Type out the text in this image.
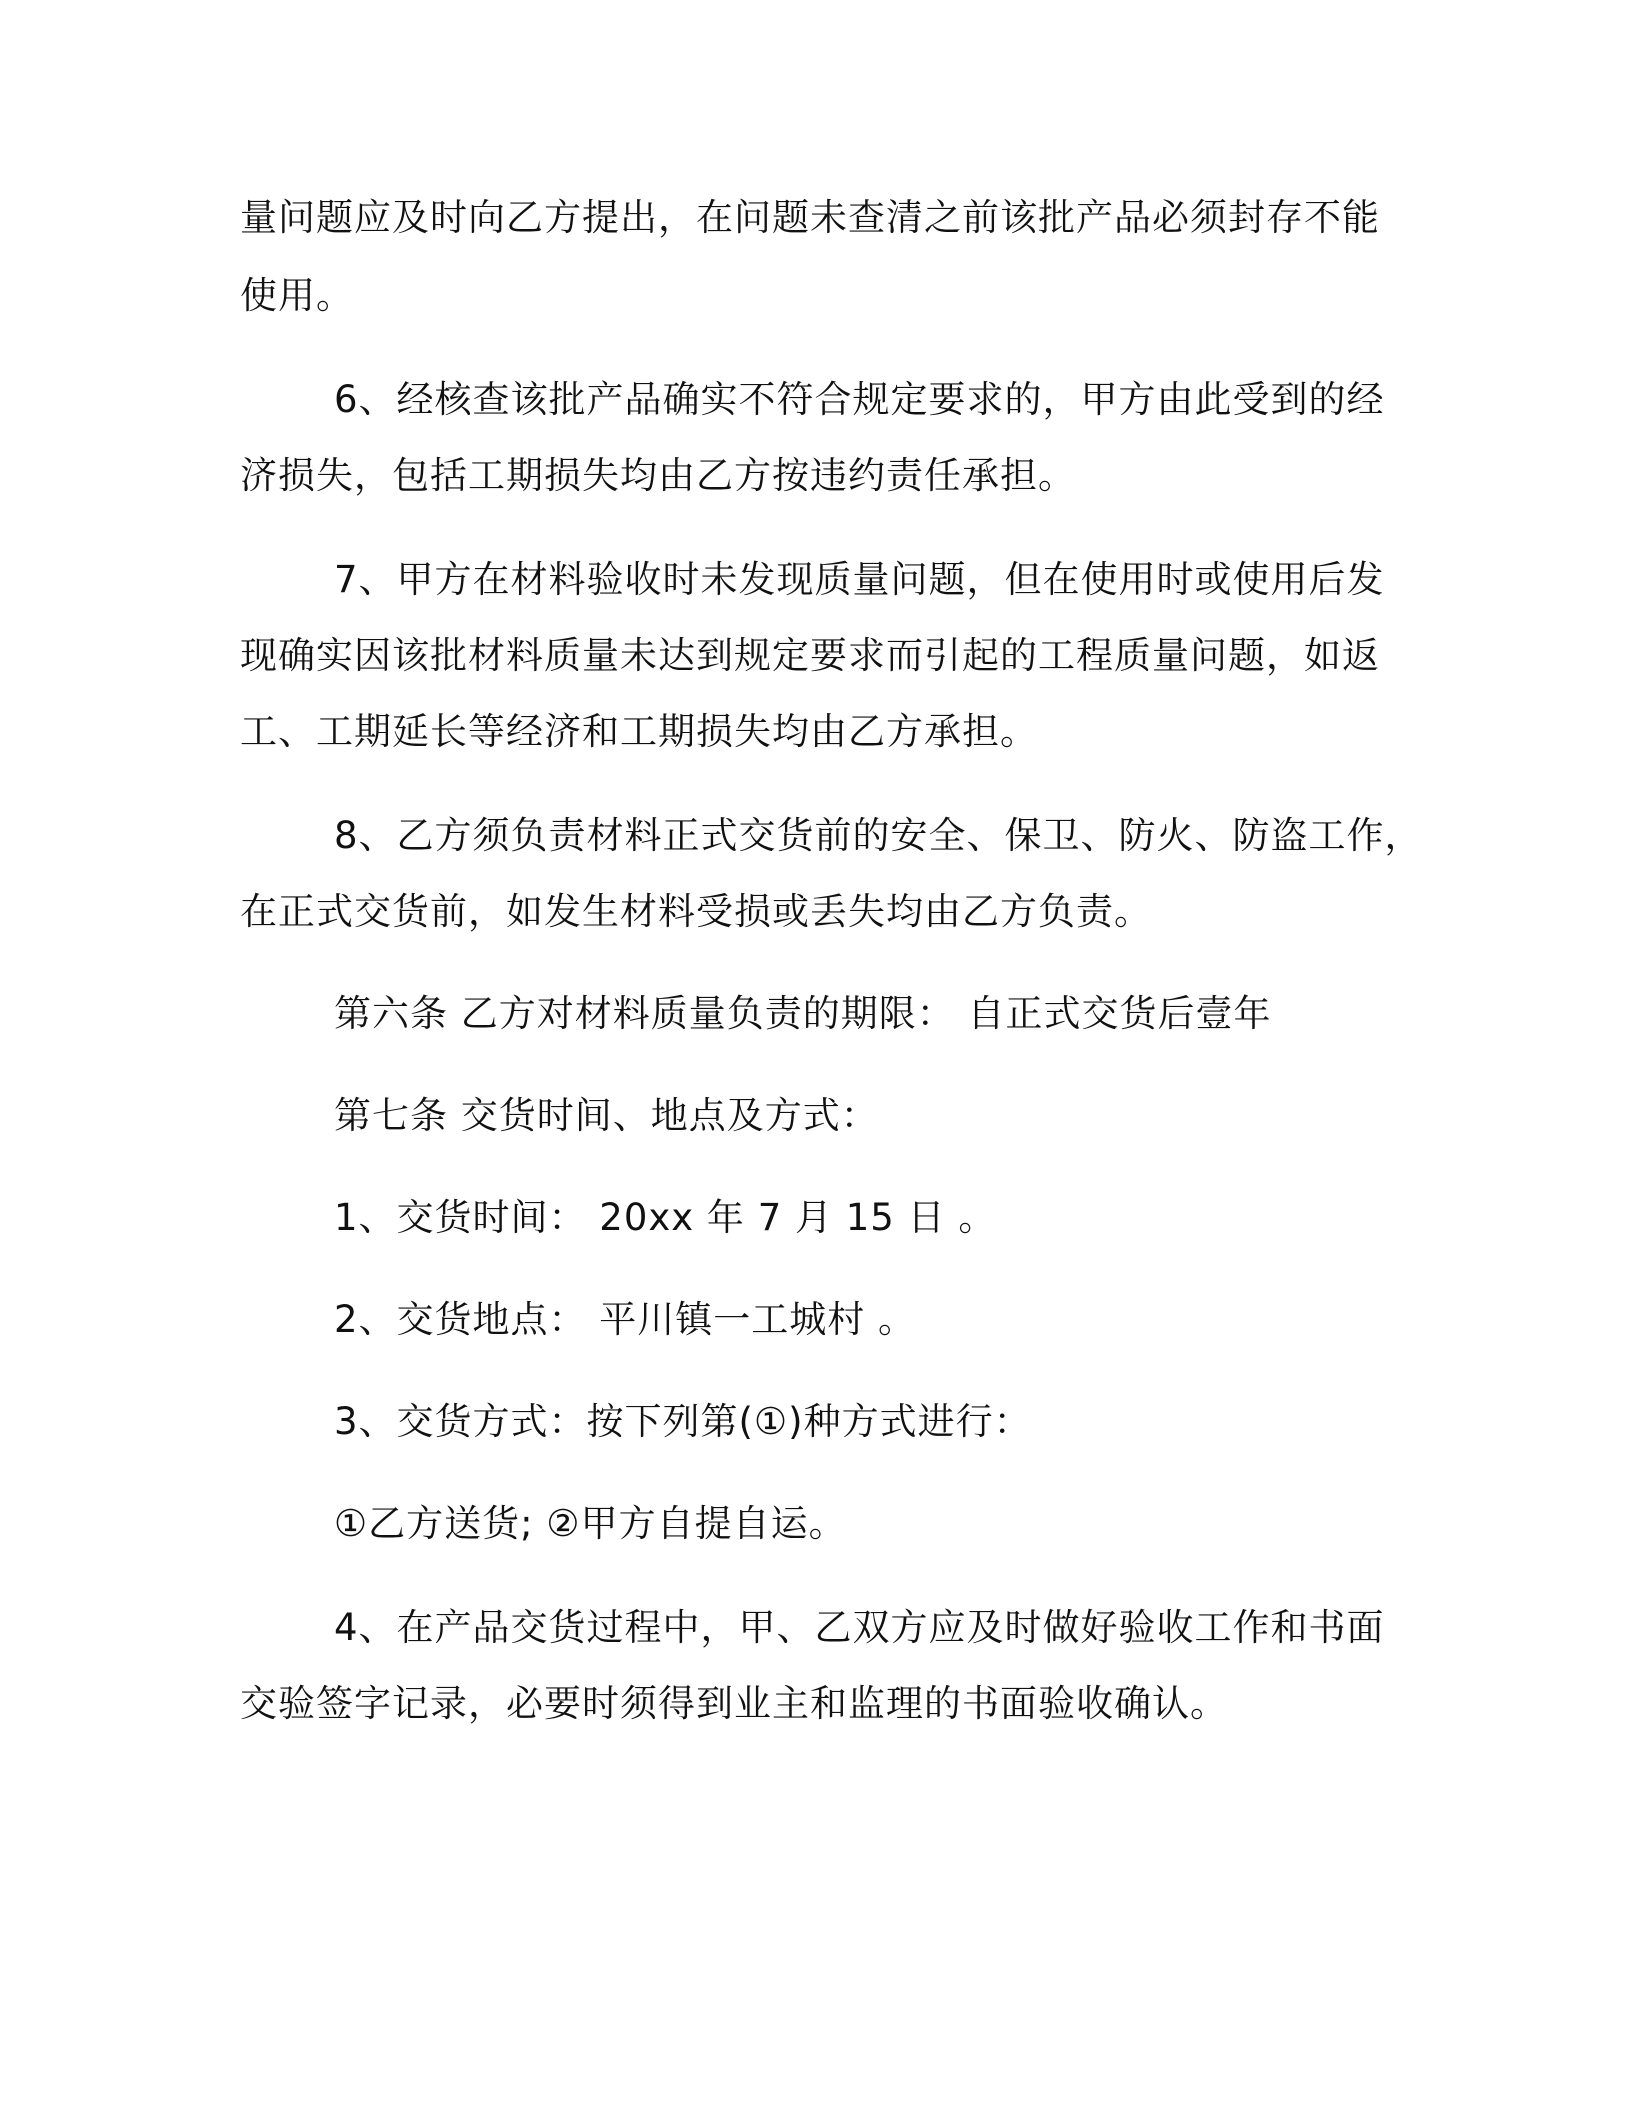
量问题应及时向乙方提出，在问题未查清之前该批产品必须封存不能
使用。
6、经核查该批产品确实不符合规定要求的，甲方由此受到的经
济损失，包括工期损失均由乙方按违约责任承担。
7、甲方在材料验收时未发现质量问题，但在使用时或使用后发
现确实因该批材料质量未达到规定要求而引起的工程质量问题，如返
工、工期延长等经济和工期损失均由乙方承担。
8、乙方须负责材料正式交货前的安全、保卫、防火、防盗工作，
在正式交货前，如发生材料受损或丢失均由乙方负责。
第六条 乙方对材料质量负责的期限： 自正式交货后壹年
第七条 交货时间、地点及方式：
1、交货时间： 20xx 年 7 月 15 日 。
2、交货地点： 平川镇一工城村 。
3、交货方式：按下列第(①)种方式进行：
①乙方送货; ②甲方自提自运。
4、在产品交货过程中，甲、乙双方应及时做好验收工作和书面
交验签字记录，必要时须得到业主和监理的书面验收确认。
